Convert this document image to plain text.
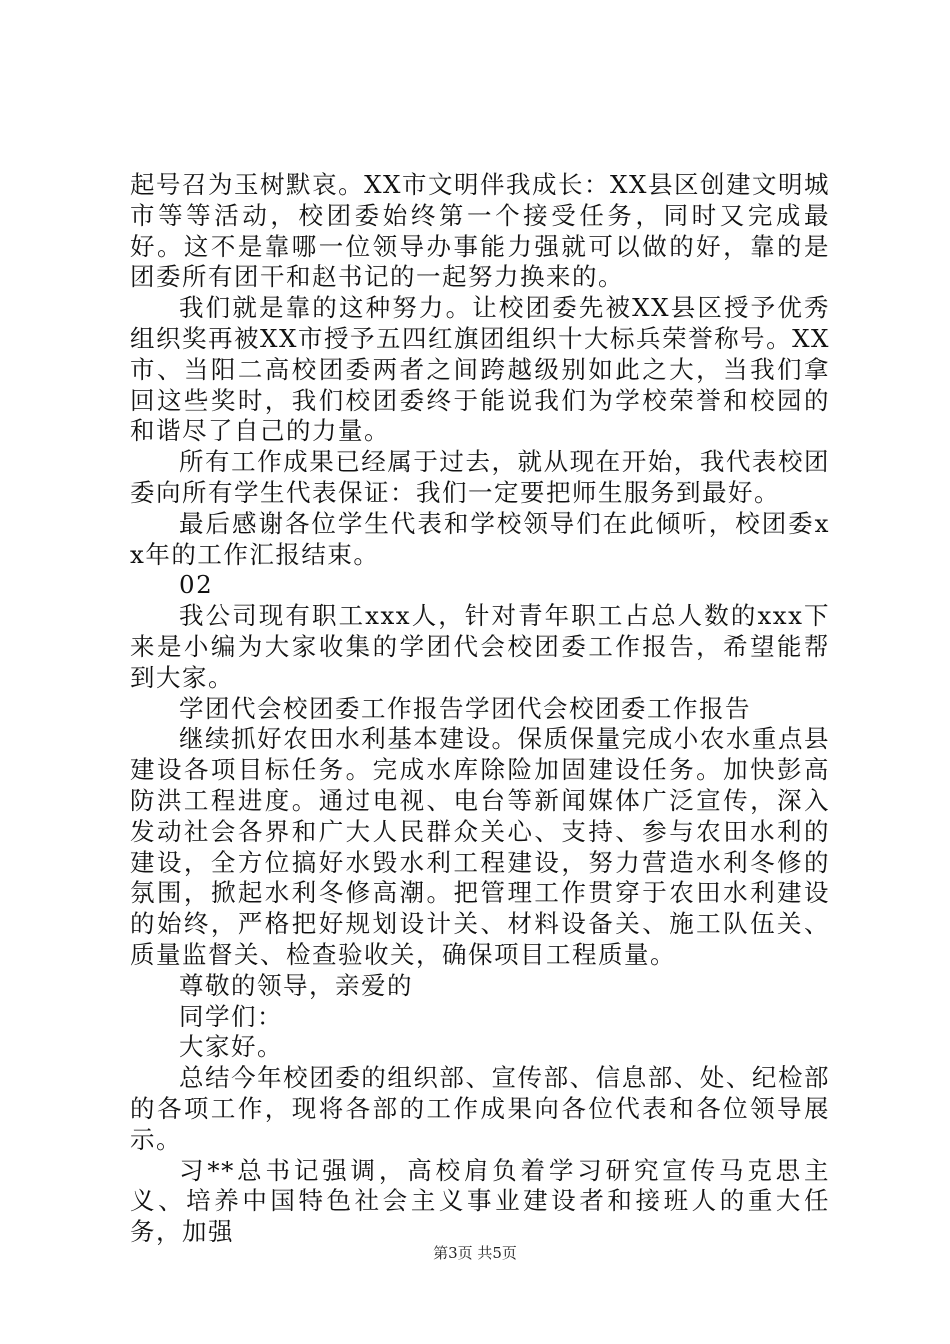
起号召为玉树默哀。XX市文明伴我成长：XX县区创建文明城市等等活动，校团委始终第一个接受任务，同时又完成最好。这不是靠哪一位领导办事能力强就可以做的好，靠的是团委所有团干和赵书记的一起努力换来的。

我们就是靠的这种努力。让校团委先被XX县区授予优秀组织奖再被XX市授予五四红旗团组织十大标兵荣誉称号。XX市、当阳二高校团委两者之间跨越级别如此之大，当我们拿回这些奖时，我们校团委终于能说我们为学校荣誉和校园的和谐尽了自己的力量。

所有工作成果已经属于过去，就从现在开始，我代表校团委向所有学生代表保证：我们一定要把师生服务到最好。

最后感谢各位学生代表和学校领导们在此倾听，校团委xx年的工作汇报结束。

02

我公司现有职工xxx人，针对青年职工占总人数的xxx下来是小编为大家收集的学团代会校团委工作报告，希望能帮到大家。

学团代会校团委工作报告学团代会校团委工作报告

继续抓好农田水利基本建设。保质保量完成小农水重点县建设各项目标任务。完成水库除险加固建设任务。加快彭高防洪工程进度。通过电视、电台等新闻媒体广泛宣传，深入发动社会各界和广大人民群众关心、支持、参与农田水利的建设，全方位搞好水毁水利工程建设，努力营造水利冬修的氛围，掀起水利冬修高潮。把管理工作贯穿于农田水利建设的始终，严格把好规划设计关、材料设备关、施工队伍关、质量监督关、检查验收关，确保项目工程质量。

尊敬的领导，亲爱的

同学们：

大家好。

总结今年校团委的组织部、宣传部、信息部、处、纪检部的各项工作，现将各部的工作成果向各位代表和各位领导展示。

习**总书记强调，高校肩负着学习研究宣传马克思主义、培养中国特色社会主义事业建设者和接班人的重大任务，加强

第3页 共5页
